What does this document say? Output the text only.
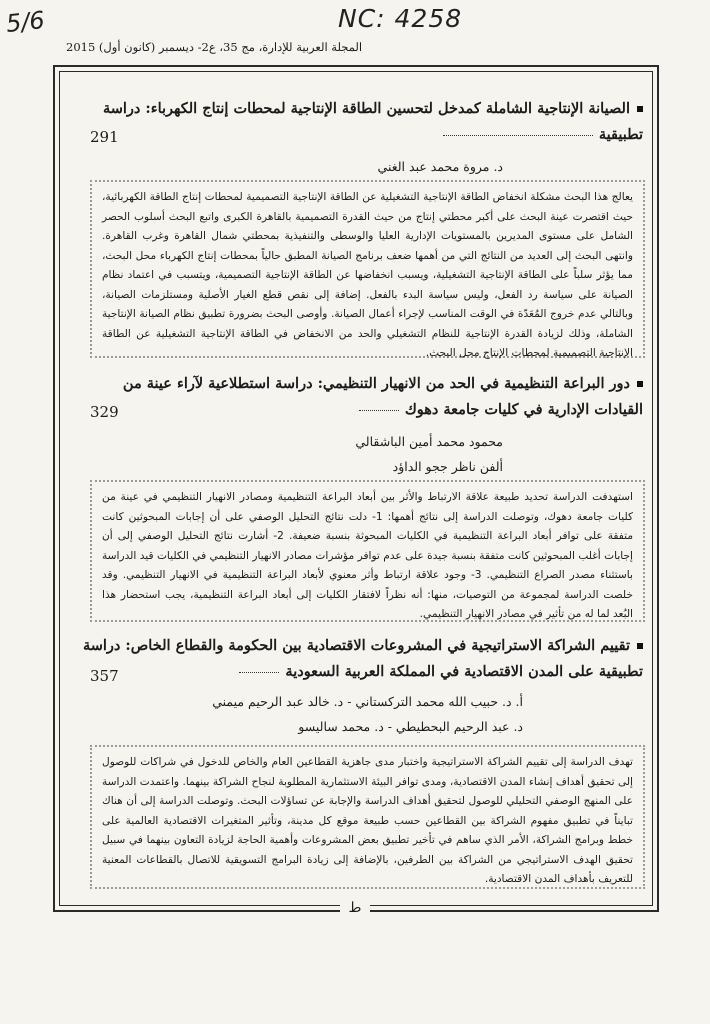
5/6	NC: 4258
المجلة العربية للإدارة، مج 35، ع2- ديسمبر (كانون أول) 2015
ط

الصيانة الإنتاجية الشاملة كمدخل لتحسين الطاقة الإنتاجية لمحطات إنتاج الكهرباء: دراسة تطبيقية

291

د. مروة محمد عبد الغني

يعالج هذا البحث مشكلة انخفاض الطاقة الإنتاجية التشغيلية عن الطاقة الإنتاجية التصميمية لمحطات إنتاج الطاقة الكهربائية، حيث اقتصرت عينة البحث على أكبر محطتي إنتاج من حيث القدرة التصميمية بالقاهرة الكبرى واتبع البحث أسلوب الحصر الشامل على مستوى المديرين بالمستويات الإدارية العليا والوسطى والتنفيذية بمحطتي شمال القاهرة وغرب القاهرة. وانتهى البحث إلى العديد من النتائج التي من أهمها ضعف برنامج الصيانة المطبق حالياً بمحطات إنتاج الكهرباء محل البحث، مما يؤثر سلباً على الطاقة الإنتاجية التشغيلية، ويسبب انخفاضها عن الطاقة الإنتاجية التصميمية، ويتسبب في اعتماد نظام الصيانة على سياسة رد الفعل، وليس سياسة البدء بالفعل. إضافة إلى نقص قطع الغيار الأصلية ومستلزمات الصيانة، وبالتالي عدم خروج المُعَدّة في الوقت المناسب لإجراء أعمال الصيانة. وأوصى البحث بضرورة تطبيق نظام الصيانة الإنتاجية الشاملة، وذلك لزيادة القدرة الإنتاجية للنظام التشغيلي والحد من الانخفاض في الطاقة الإنتاجية التشغيلية عن الطاقة الإنتاجية التصميمية لمحطات الإنتاج محل البحث.

دور البراعة التنظيمية في الحد من الانهيار التنظيمي: دراسة استطلاعية لآراء عينة من القيادات الإدارية في كليات جامعة دهوك

329

محمود محمد أمين الباشقالي
ألفن ناظر ججو الداؤد

استهدفت الدراسة تحديد طبيعة علاقة الارتباط والأثر بين أبعاد البراعة التنظيمية ومصادر الانهيار التنظيمي في عينة من كليات جامعة دهوك، وتوصلت الدراسة إلى نتائج أهمها: 1- دلت نتائج التحليل الوصفي على أن إجابات المبحوثين كانت متفقة على توافر أبعاد البراعة التنظيمية في الكليات المبحوثة بنسبة ضعيفة. 2- أشارت نتائج التحليل الوصفي إلى أن إجابات أغلب المبحوثين كانت متفقة بنسبة جيدة على عدم توافر مؤشرات مصادر الانهيار التنظيمي في الكليات قيد الدراسة باستثناء مصدر الصراع التنظيمي. 3- وجود علاقة ارتباط وأثر معنوي لأبعاد البراعة التنظيمية في الانهيار التنظيمي. وقد خلصت الدراسة لمجموعة من التوصيات، منها: أنه نظراً لافتقار الكليات إلى أبعاد البراعة التنظيمية، يجب استحضار هذا البُعد لما له من تأثير في مصادر الانهيار التنظيمي.

تقييم الشراكة الاستراتيجية في المشروعات الاقتصادية بين الحكومة والقطاع الخاص: دراسة تطبيقية على المدن الاقتصادية في المملكة العربية السعودية

357

أ. د. حبيب الله محمد التركستاني - د. خالد عبد الرحيم ميمني
د. عبد الرحيم البحطيطي - د. محمد ساليسو

تهدف الدراسة إلى تقييم الشراكة الاستراتيجية واختبار مدى جاهزية القطاعين العام والخاص للدخول في شراكات للوصول إلى تحقيق أهداف إنشاء المدن الاقتصادية، ومدى توافر البيئة الاستثمارية المطلوبة لنجاح الشراكة بينهما. واعتمدت الدراسة على المنهج الوصفي التحليلي للوصول لتحقيق أهداف الدراسة والإجابة عن تساؤلات البحث. وتوصلت الدراسة إلى أن هناك تبايناً في تطبيق مفهوم الشراكة بين القطاعين حسب طبيعة موقع كل مدينة، وتأثير المتغيرات الاقتصادية العالمية على خطط وبرامج الشراكة، الأمر الذي ساهم في تأخير تطبيق بعض المشروعات وأهمية الحاجة لزيادة التعاون بينهما في سبيل تحقيق الهدف الاستراتيجي من الشراكة بين الطرفين، بالإضافة إلى زيادة البرامج التسويقية للاتصال بالقطاعات المعنية للتعريف بأهداف المدن الاقتصادية.
